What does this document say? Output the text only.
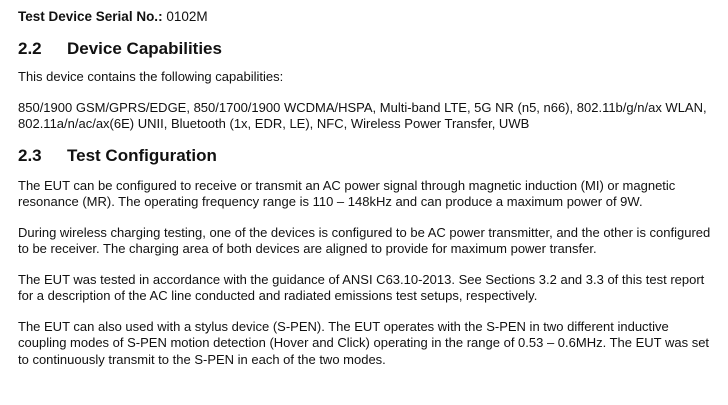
Test Device Serial No.: 0102M

2.2	Device Capabilities

This device contains the following capabilities:

850/1900 GSM/GPRS/EDGE, 850/1700/1900 WCDMA/HSPA, Multi-band LTE, 5G NR (n5, n66), 802.11b/g/n/ax WLAN, 802.11a/n/ac/ax(6E) UNII, Bluetooth (1x, EDR, LE), NFC, Wireless Power Transfer, UWB

2.3	Test Configuration

The EUT can be configured to receive or transmit an AC power signal through magnetic induction (MI) or magnetic resonance (MR). The operating frequency range is 110 – 148kHz and can produce a maximum power of 9W.

During wireless charging testing, one of the devices is configured to be AC power transmitter, and the other is configured to be receiver. The charging area of both devices are aligned to provide for maximum power transfer.

The EUT was tested in accordance with the guidance of ANSI C63.10-2013. See Sections 3.2 and 3.3 of this test report for a description of the AC line conducted and radiated emissions test setups, respectively.

The EUT can also used with a stylus device (S-PEN). The EUT operates with the S-PEN in two different inductive coupling modes of S-PEN motion detection (Hover and Click) operating in the range of 0.53 – 0.6MHz. The EUT was set to continuously transmit to the S-PEN in each of the two modes.
